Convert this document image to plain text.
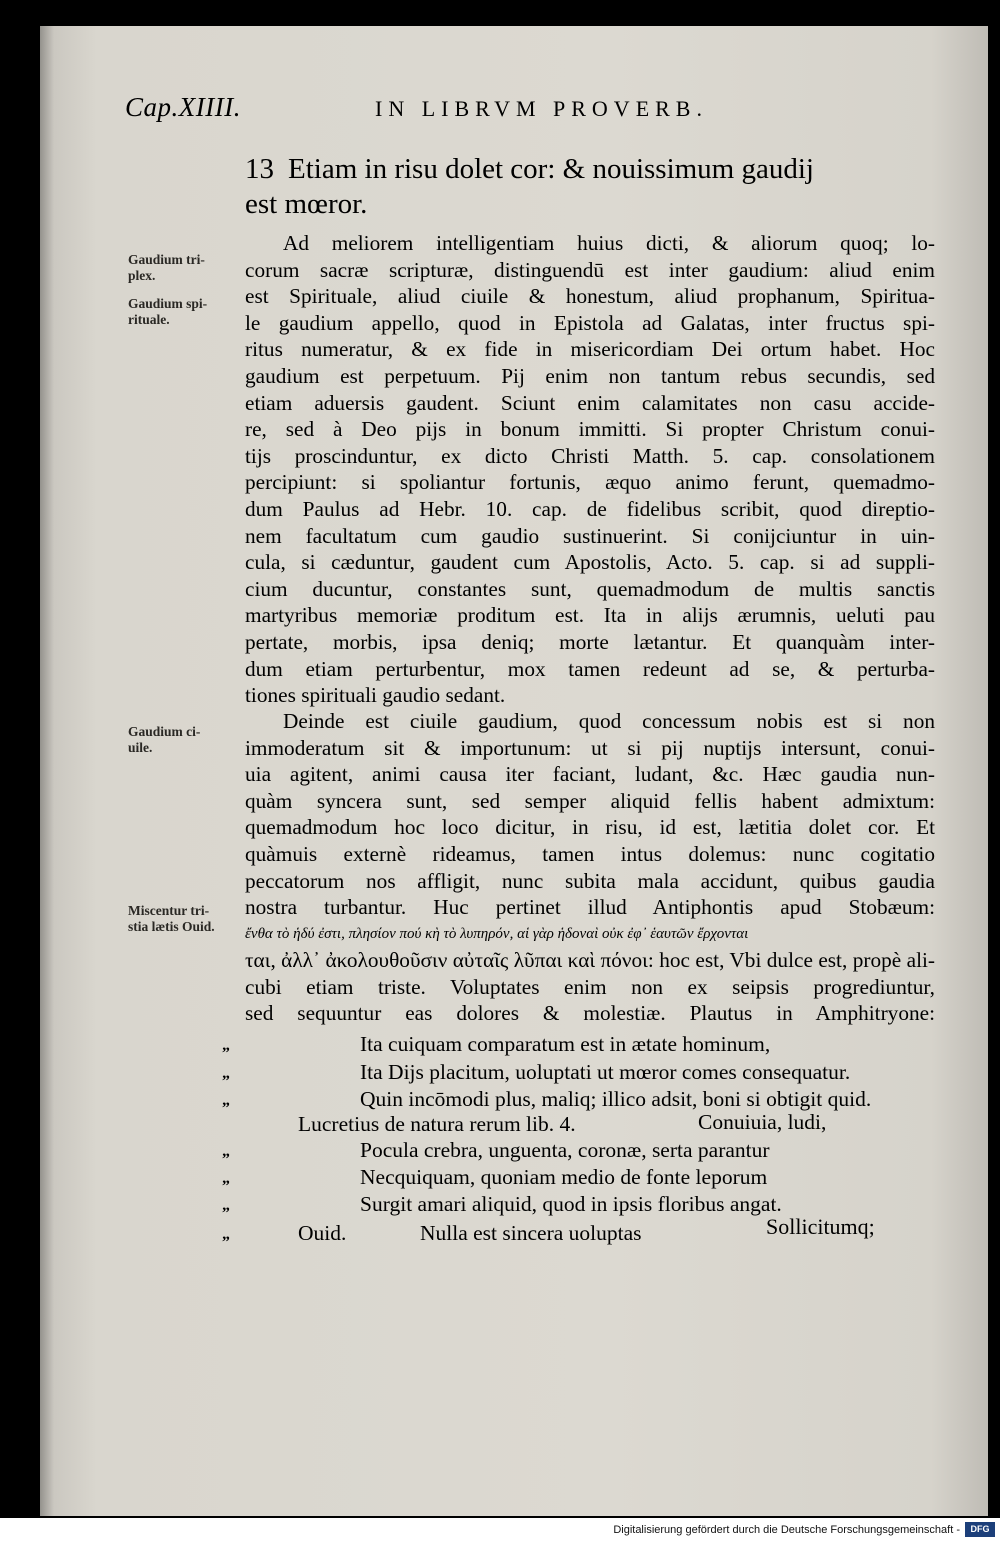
Cap.XIIII.	IN LIBRVM PROVERB.
13 Etiam in risu dolet cor: & nouissimum gaudij
est mœror.
Gaudium tri-
plex.
Gaudium spi-
rituale.
Gaudium ci-
uile.
Miscentur tri-
stia lætis Ouid.
Ad meliorem intelligentiam huius dicti, & aliorum quoq; lo-
corum sacræ scripturæ, distinguendū est inter gaudium: aliud enim
est Spirituale, aliud ciuile & honestum, aliud prophanum, Spiritua-
le gaudium appello, quod in Epistola ad Galatas, inter fructus spi-
ritus numeratur, & ex fide in misericordiam Dei ortum habet. Hoc
gaudium est perpetuum. Pij enim non tantum rebus secundis, sed
etiam aduersis gaudent. Sciunt enim calamitates non casu accide-
re, sed à Deo pijs in bonum immitti. Si propter Christum conui-
tijs proscinduntur, ex dicto Christi Matth. 5. cap. consolationem
percipiunt: si spoliantur fortunis, æquo animo ferunt, quemadmo-
dum Paulus ad Hebr. 10. cap. de fidelibus scribit, quod direptio-
nem facultatum cum gaudio sustinuerint. Si conijciuntur in uin-
cula, si cæduntur, gaudent cum Apostolis, Acto. 5. cap. si ad suppli-
cium ducuntur, constantes sunt, quemadmodum de multis sanctis
martyribus memoriæ proditum est. Ita in alijs ærumnis, ueluti pau
pertate, morbis, ipsa deniq; morte lætantur. Et quanquàm inter-
dum etiam perturbentur, mox tamen redeunt ad se, & perturba-
tiones spirituali gaudio sedant.
Deinde est ciuile gaudium, quod concessum nobis est si non
immoderatum sit & importunum: ut si pij nuptijs intersunt, conui-
uia agitent, animi causa iter faciant, ludant, &c. Hæc gaudia nun-
quàm syncera sunt, sed semper aliquid fellis habent admixtum:
quemadmodum hoc loco dicitur, in risu, id est, lætitia dolet cor. Et
quàmuis externè rideamus, tamen intus dolemus: nunc cogitatio
peccatorum nos affligit, nunc subita mala accidunt, quibus gaudia
nostra turbantur. Huc pertinet illud Antiphontis apud Stobæum:
ἔνθα τὸ ἡδύ ἐστι, πλησίον πού κὴ τὸ λυπηρόν, αἱ γὰρ ἡδοναὶ οὐκ ἐφ᾽ ἑαυτῶν ἔρχονται
ται, ἀλλ᾽ ἀκολουθοῦσιν αὐταῖς λῦπαι καὶ πόνοι: hoc est, Vbi dulce est, propè ali-
cubi etiam triste. Voluptates enim non ex seipsis progrediuntur,
sed sequuntur eas dolores & molestiæ. Plautus in Amphitryone:
„	Ita cuiquam comparatum est in ætate hominum,
„	Ita Dijs placitum, uoluptati ut mœror comes consequatur.
„	Quin incōmodi plus, maliq; illico adsit, boni si obtigit quid.
Lucretius de natura rerum lib. 4.	Conuiuia, ludi,
„	Pocula crebra, unguenta, coronæ, serta parantur
„	Necquiquam, quoniam medio de fonte leporum
„	Surgit amari aliquid, quod in ipsis floribus angat.
„	Ouid.	Nulla est sincera uoluptas	Sollicitumq;
Digitalisierung gefördert durch die Deutsche Forschungsgemeinschaft -	DFG
